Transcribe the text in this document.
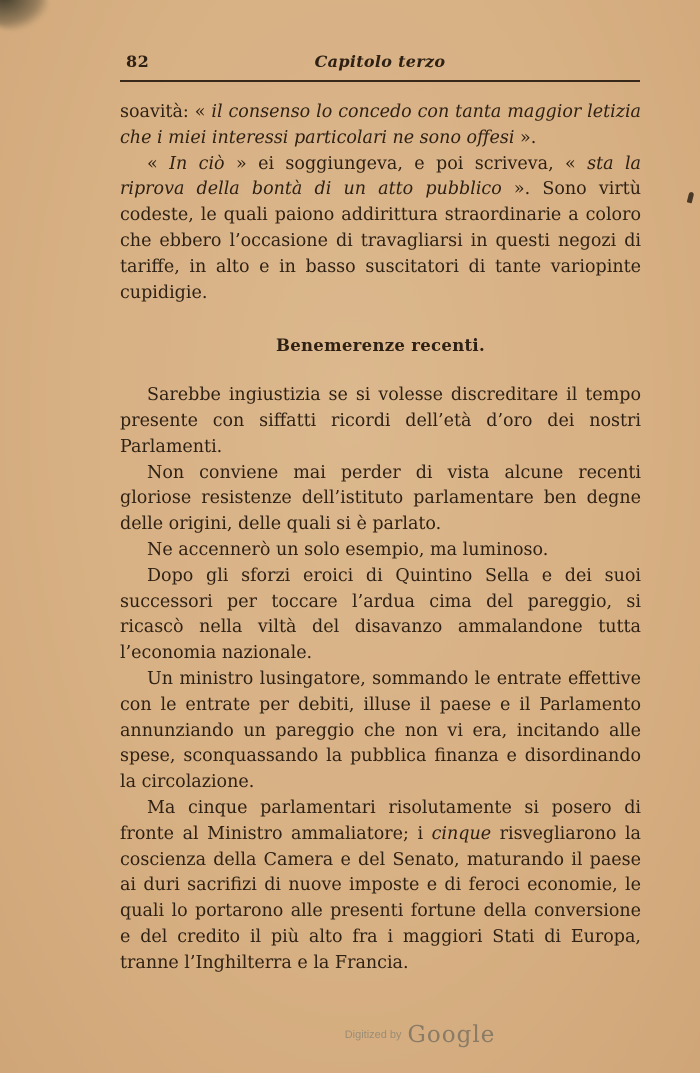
82	Capitolo terzo

soavità: « il consenso lo concedo con tanta maggior letizia che i miei interessi particolari ne sono offesi ».

« In ciò » ei soggiungeva, e poi scriveva, « sta la riprova della bontà di un atto pubblico ». Sono virtù codeste, le quali paiono addirittura straordinarie a coloro che ebbero l’occasione di travagliarsi in questi negozi di tariffe, in alto e in basso suscitatori di tante variopinte cupidigie.

Benemerenze recenti.

Sarebbe ingiustizia se si volesse discreditare il tempo presente con siffatti ricordi dell’età d’oro dei nostri Parlamenti.

Non conviene mai perder di vista alcune recenti gloriose resistenze dell’istituto parlamentare ben degne delle origini, delle quali si è parlato.

Ne accennerò un solo esempio, ma luminoso.

Dopo gli sforzi eroici di Quintino Sella e dei suoi successori per toccare l’ardua cima del pareggio, si ricascò nella viltà del disavanzo ammalandone tutta l’economia nazionale.

Un ministro lusingatore, sommando le entrate effettive con le entrate per debiti, illuse il paese e il Parlamento annunziando un pareggio che non vi era, incitando alle spese, sconquassando la pubblica finanza e disordinando la circolazione.

Ma cinque parlamentari risolutamente si posero di fronte al Ministro ammaliatore; i cinque risvegliarono la coscienza della Camera e del Senato, maturando il paese ai duri sacrifizi di nuove imposte e di feroci economie, le quali lo portarono alle presenti fortune della conversione e del credito il più alto fra i maggiori Stati di Europa, tranne l’Inghilterra e la Francia.

$^{Digitized by}$ Google
